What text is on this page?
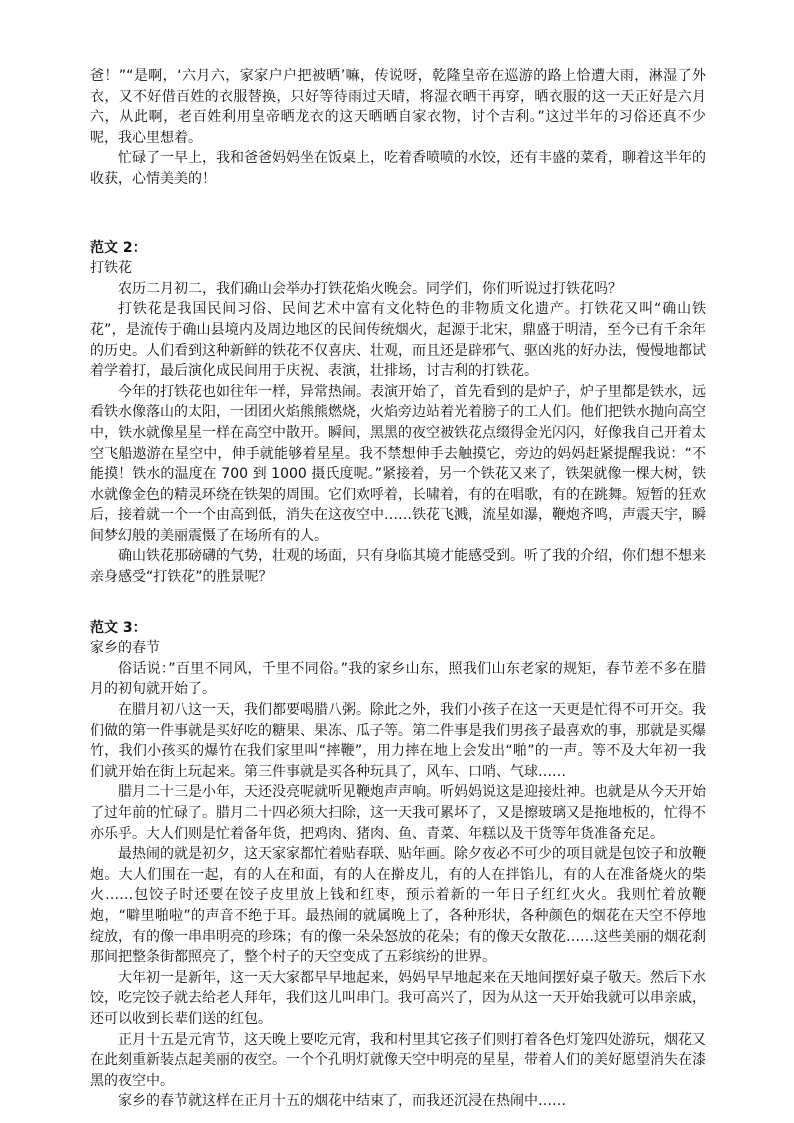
爸！”“是啊，‘六月六，家家户户把被晒’嘛，传说呀，乾隆皇帝在巡游的路上恰遭大雨，淋湿了外衣，又不好借百姓的衣服替换，只好等待雨过天晴，将湿衣晒干再穿，晒衣服的这一天正好是六月六，从此啊，老百姓利用皇帝晒龙衣的这天晒晒自家衣物，讨个吉利。”这过半年的习俗还真不少呢，我心里想着。

忙碌了一早上，我和爸爸妈妈坐在饭桌上，吃着香喷喷的水饺，还有丰盛的菜肴，聊着这半年的收获，心情美美的！

范文 2：

打铁花

农历二月初二，我们确山会举办打铁花焰火晚会。同学们，你们听说过打铁花吗？

打铁花是我国民间习俗、民间艺术中富有文化特色的非物质文化遗产。打铁花又叫“确山铁花”，是流传于确山县境内及周边地区的民间传统烟火，起源于北宋，鼎盛于明清，至今已有千余年的历史。人们看到这种新鲜的铁花不仅喜庆、壮观，而且还是辟邪气、驱凶兆的好办法，慢慢地都试着学着打，最后演化成民间用于庆祝、表演，壮排场，讨吉利的打铁花。

今年的打铁花也如往年一样，异常热闹。表演开始了，首先看到的是炉子，炉子里都是铁水，远看铁水像落山的太阳，一团团火焰熊熊燃烧，火焰旁边站着光着膀子的工人们。他们把铁水抛向高空中，铁水就像星星一样在高空中散开。瞬间，黑黑的夜空被铁花点缀得金光闪闪，好像我自己开着太空飞船遨游在星空中，伸手就能够着星星。我不禁想伸手去触摸它，旁边的妈妈赶紧提醒我说：“不能摸！铁水的温度在 700 到 1000 摄氏度呢。”紧接着，另一个铁花又来了，铁架就像一棵大树，铁水就像金色的精灵环绕在铁架的周围。它们欢呼着，长啸着，有的在唱歌，有的在跳舞。短暂的狂欢后，接着就一个一个由高到低，消失在这夜空中……铁花飞溅，流星如瀑，鞭炮齐鸣，声震天宇，瞬间梦幻般的美丽震慑了在场所有的人。

确山铁花那磅礴的气势，壮观的场面，只有身临其境才能感受到。听了我的介绍，你们想不想来亲身感受“打铁花”的胜景呢？

范文 3：

家乡的春节

俗话说：”百里不同风，千里不同俗。”我的家乡山东，照我们山东老家的规矩，春节差不多在腊月的初旬就开始了。

在腊月初八这一天，我们都要喝腊八粥。除此之外，我们小孩子在这一天更是忙得不可开交。我们做的第一件事就是买好吃的糖果、果冻、瓜子等。第二件事是我们男孩子最喜欢的事，那就是买爆竹，我们小孩买的爆竹在我们家里叫“摔鞭”，用力摔在地上会发出“啪”的一声。等不及大年初一我们就开始在街上玩起来。第三件事就是买各种玩具了，风车、口哨、气球……

腊月二十三是小年，天还没亮呢就听见鞭炮声声响。听妈妈说这是迎接灶神。也就是从今天开始了过年前的忙碌了。腊月二十四必须大扫除，这一天我可累坏了，又是擦玻璃又是拖地板的，忙得不亦乐乎。大人们则是忙着备年货，把鸡肉、猪肉、鱼、青菜、年糕以及干货等年货准备充足。

最热闹的就是初夕，这天家家都忙着贴春联、贴年画。除夕夜必不可少的项目就是包饺子和放鞭炮。大人们围在一起，有的人在和面，有的人在擀皮儿，有的人在拌馅儿，有的人在准备烧火的柴火……包饺子时还要在饺子皮里放上钱和红枣，预示着新的一年日子红红火火。我则忙着放鞭炮，“噼里啪啦”的声音不绝于耳。最热闹的就属晚上了，各种形状，各种颜色的烟花在天空不停地绽放，有的像一串串明亮的珍珠；有的像一朵朵怒放的花朵；有的像天女散花……这些美丽的烟花刹那间把整条街都照亮了，整个村子的天空变成了五彩缤纷的世界。

大年初一是新年，这一天大家都早早地起来，妈妈早早地起来在天地间摆好桌子敬天。然后下水饺，吃完饺子就去给老人拜年，我们这儿叫串门。我可高兴了，因为从这一天开始我就可以串亲戚，还可以收到长辈们送的红包。

正月十五是元宵节，这天晚上要吃元宵，我和村里其它孩子们则打着各色灯笼四处游玩，烟花又在此刻重新装点起美丽的夜空。一个个孔明灯就像天空中明亮的星星，带着人们的美好愿望消失在漆黑的夜空中。

家乡的春节就这样在正月十五的烟花中结束了，而我还沉浸在热闹中……
